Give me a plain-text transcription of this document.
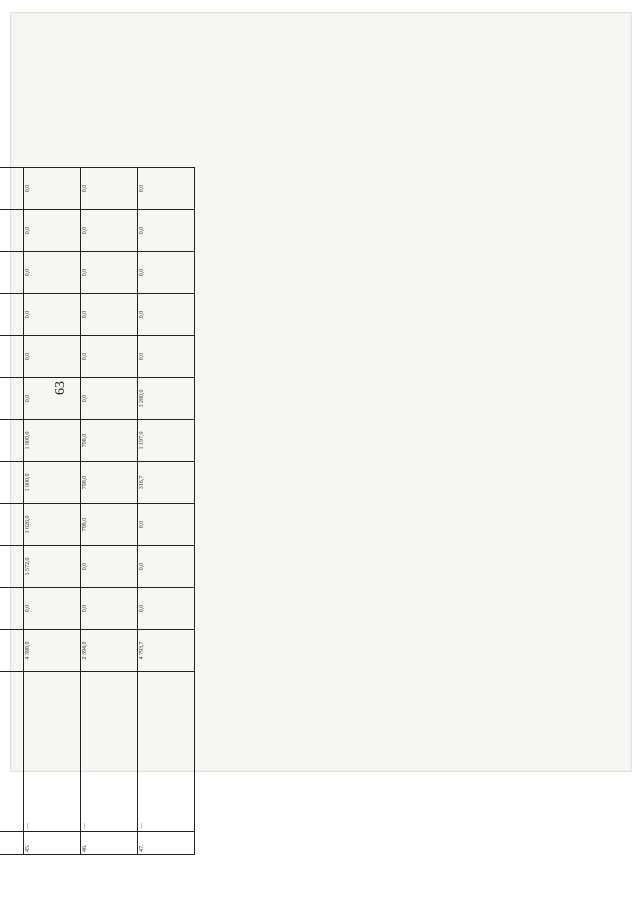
63

45.	—	4 398,0	0,0	1 572,0	1 026,0	1 000,0	1 000,0	0,0	0,0	0,0	0,0	0,0	0,0
46.	—	2 394,0	0,0	0,0	798,0	798,0	798,0	0,0	0,0	0,0	0,0	0,0	0,0
47.	—	4 793,7	0,0	0,0	0,0	316,7	1 197,0	3 280,0	0,0	0,0	0,0	0,0	0,0
